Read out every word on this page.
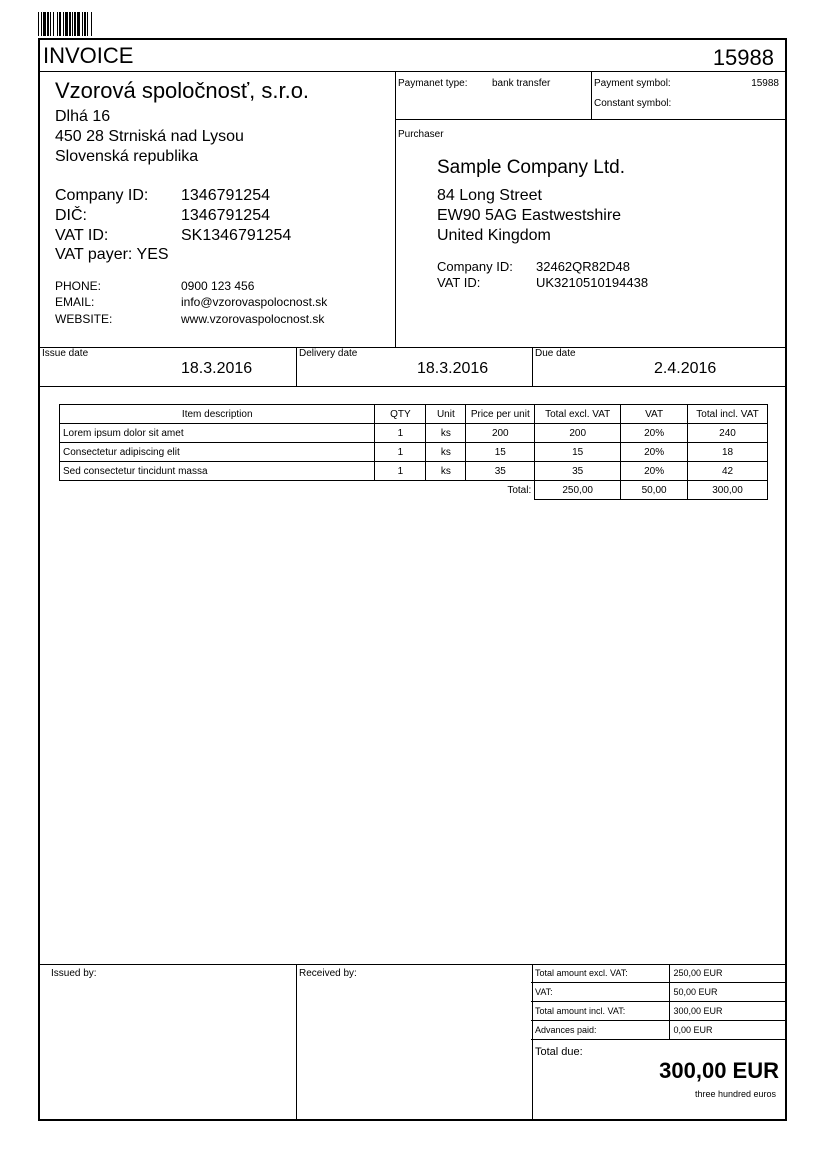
INVOICE	15988
Vzorová spoločnosť, s.r.o.
Dlhá 16
450 28 Strniská nad Lysou
Slovenská republika
Company ID: 1346791254
DIČ:	1346791254
VAT ID:	SK1346791254
VAT payer: YES
PHONE:	0900 123 456
EMAIL:	info@vzorovaspolocnost.sk
WEBSITE:	www.vzorovaspolocnost.sk
Paymanet type: bank transfer	Payment symbol:	15988
Constant symbol:
Purchaser
Sample Company Ltd.
84 Long Street
EW90 5AG Eastwestshire
United Kingdom
Company ID: 32462QR82D48
VAT ID:	UK3210510194438
Issue date
18.3.2016
Delivery date
18.3.2016
Due date
2.4.2016
Item description	QTY	Unit	Price per unit	Total excl. VAT	VAT	Total incl. VAT
Lorem ipsum dolor sit amet	1	ks	200	200	20%	240
Consectetur adipiscing elit	1	ks	15	15	20%	18
Sed consectetur tincidunt massa	1	ks	35	35	20%	42
Total:				250,00	50,00	300,00
Issued by:	Received by:	Total amount excl. VAT:	250,00 EUR
VAT:	50,00 EUR
Total amount incl. VAT:	300,00 EUR
Advances paid:	0,00 EUR
Total due:
300,00 EUR
three hundred euros
